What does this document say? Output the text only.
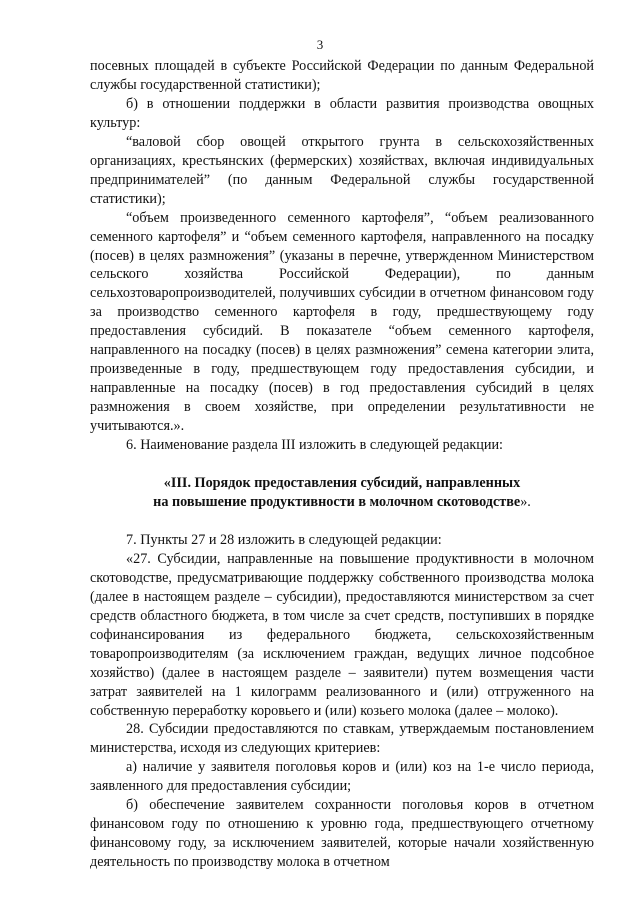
3

посевных площадей в субъекте Российской Федерации по данным Федеральной службы государственной статистики);

б) в отношении поддержки в области развития производства овощных культур:

“валовой сбор овощей открытого грунта в сельскохозяйственных организациях, крестьянских (фермерских) хозяйствах, включая индивидуальных предпринимателей” (по данным Федеральной службы государственной статистики);

“объем произведенного семенного картофеля”, “объем реализованного семенного картофеля” и “объем семенного картофеля, направленного на посадку (посев) в целях размножения” (указаны в перечне, утвержденном Министерством сельского хозяйства Российской Федерации), по данным сельхозтоваропроизводителей, получивших субсидии в отчетном финансовом году за производство семенного картофеля в году, предшествующему году предоставления субсидий. В показателе “объем семенного картофеля, направленного на посадку (посев) в целях размножения” семена категории элита, произведенные в году, предшествующем году предоставления субсидии, и направленные на посадку (посев) в год предоставления субсидий в целях размножения в своем хозяйстве, при определении результативности не учитываются.».

6. Наименование раздела III изложить в следующей редакции:

«III. Порядок предоставления субсидий, направленных
на повышение продуктивности в молочном скотоводстве».

7. Пункты 27 и 28 изложить в следующей редакции:

«27. Субсидии, направленные на повышение продуктивности в молочном скотоводстве, предусматривающие поддержку собственного производства молока (далее в настоящем разделе – субсидии), предоставляются министерством за счет средств областного бюджета, в том числе за счет средств, поступивших в порядке софинансирования из федерального бюджета, сельскохозяйственным товаропроизводителям (за исключением граждан, ведущих личное подсобное хозяйство) (далее в настоящем разделе – заявители) путем возмещения части затрат заявителей на 1 килограмм реализованного и (или) отгруженного на собственную переработку коровьего и (или) козьего молока (далее – молоко).

28. Субсидии предоставляются по ставкам, утверждаемым постановлением министерства, исходя из следующих критериев:

а) наличие у заявителя поголовья коров и (или) коз на 1-е число периода, заявленного для предоставления субсидии;

б) обеспечение заявителем сохранности поголовья коров в отчетном финансовом году по отношению к уровню года, предшествующего отчетному финансовому году, за исключением заявителей, которые начали хозяйственную деятельность по производству молока в отчетном
